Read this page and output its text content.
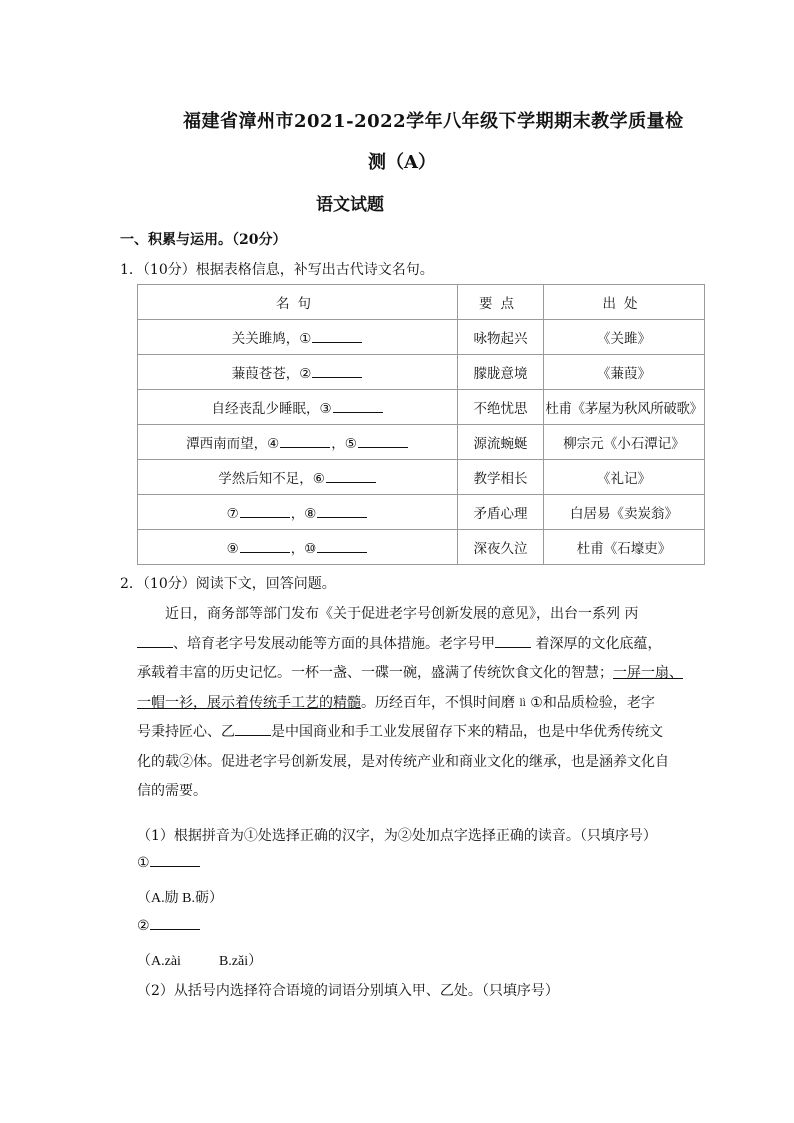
福建省漳州市2021-2022学年八年级下学期期末教学质量检
测（A）
语文试题
一、积累与运用。（20分）
1．（10分）根据表格信息，补写出古代诗文名句。
名句	要点	出处
关关雎鸠，①	咏物起兴	《关雎》
蒹葭苍苍，②	朦胧意境	《蒹葭》
自经丧乱少睡眠，③	不绝忧思	杜甫《茅屋为秋风所破歌》
潭西南而望，④ ，⑤	源流蜿蜒	柳宗元《小石潭记》
学然后知不足，⑥	教学相长	《礼记》
⑦ ，⑧	矛盾心理	白居易《卖炭翁》
⑨ ，⑩	深夜久泣	杜甫《石壕吏》
2．（10分）阅读下文，回答问题。
近日，商务部等部门发布《关于促进老字号创新发展的意见》，出台一系列 丙
、培育老字号发展动能等方面的具体措施。老字号甲	着深厚的文化底蕴，
承载着丰富的历史记忆。一杯一盏、一碟一碗，盛满了传统饮食文化的智慧；一屏一扇、
一帽一衫，展示着传统手工艺的精髓。历经百年，不惧时间磨 $^{lì}$ ①和品质检验，老字
号秉持匠心、乙	是中国商业和手工业发展留存下来的精品，也是中华优秀传统文
化的载②体。促进老字号创新发展，是对传统产业和商业文化的继承，也是涵养文化自
信的需要。
（1）根据拼音为①处选择正确的汉字，为②处加点字选择正确的读音。（只填序号）
①
（A.励 B.砺）
②
（A.zài	B.zǎi）
（2）从括号内选择符合语境的词语分别填入甲、乙处。（只填序号）
